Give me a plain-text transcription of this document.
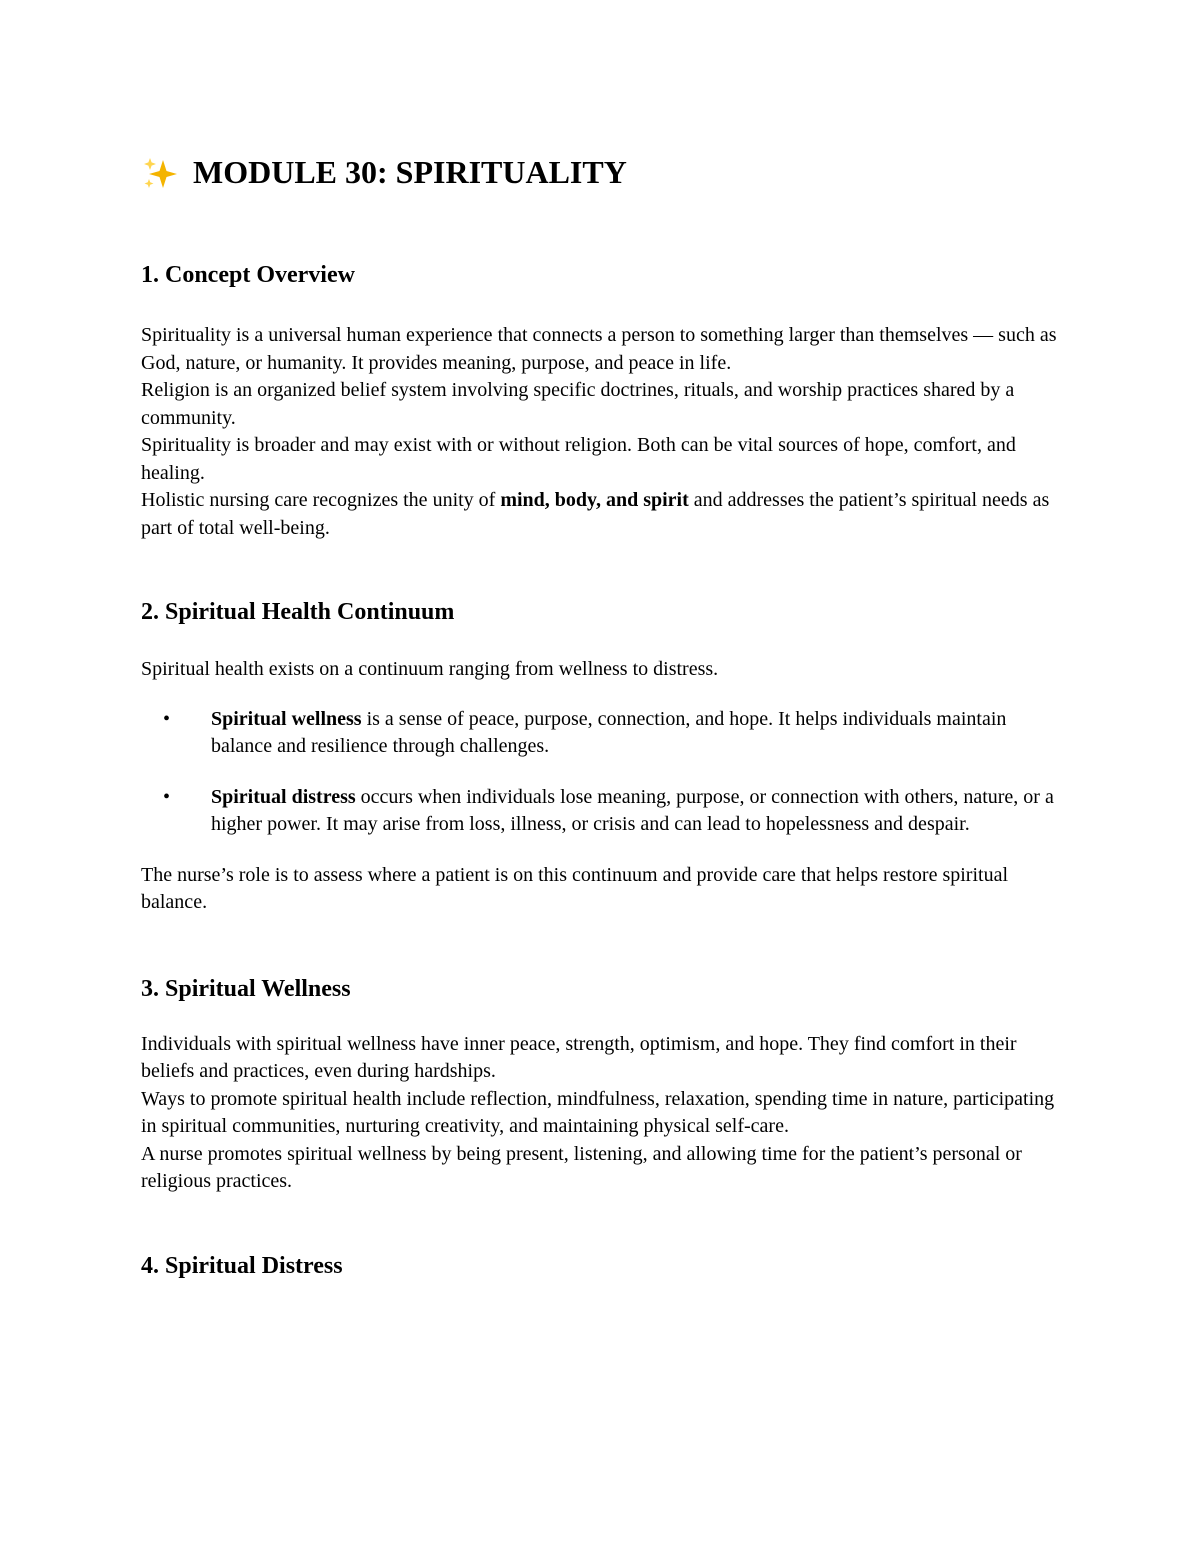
MODULE 30: SPIRITUALITY
1. Concept Overview

Spirituality is a universal human experience that connects a person to something larger than themselves — such as God, nature, or humanity. It provides meaning, purpose, and peace in life.

Religion is an organized belief system involving specific doctrines, rituals, and worship practices shared by a community.

Spirituality is broader and may exist with or without religion. Both can be vital sources of hope, comfort, and healing.

Holistic nursing care recognizes the unity of mind, body, and spirit and addresses the patient’s spiritual needs as part of total well-being.

2. Spiritual Health Continuum

Spiritual health exists on a continuum ranging from wellness to distress.

• Spiritual wellness is a sense of peace, purpose, connection, and hope. It helps individuals maintain balance and resilience through challenges.
• Spiritual distress occurs when individuals lose meaning, purpose, or connection with others, nature, or a higher power. It may arise from loss, illness, or crisis and can lead to hopelessness and despair.

The nurse’s role is to assess where a patient is on this continuum and provide care that helps restore spiritual balance.

3. Spiritual Wellness

Individuals with spiritual wellness have inner peace, strength, optimism, and hope. They find comfort in their beliefs and practices, even during hardships.

Ways to promote spiritual health include reflection, mindfulness, relaxation, spending time in nature, participating in spiritual communities, nurturing creativity, and maintaining physical self-care.

A nurse promotes spiritual wellness by being present, listening, and allowing time for the patient’s personal or religious practices.

4. Spiritual Distress
